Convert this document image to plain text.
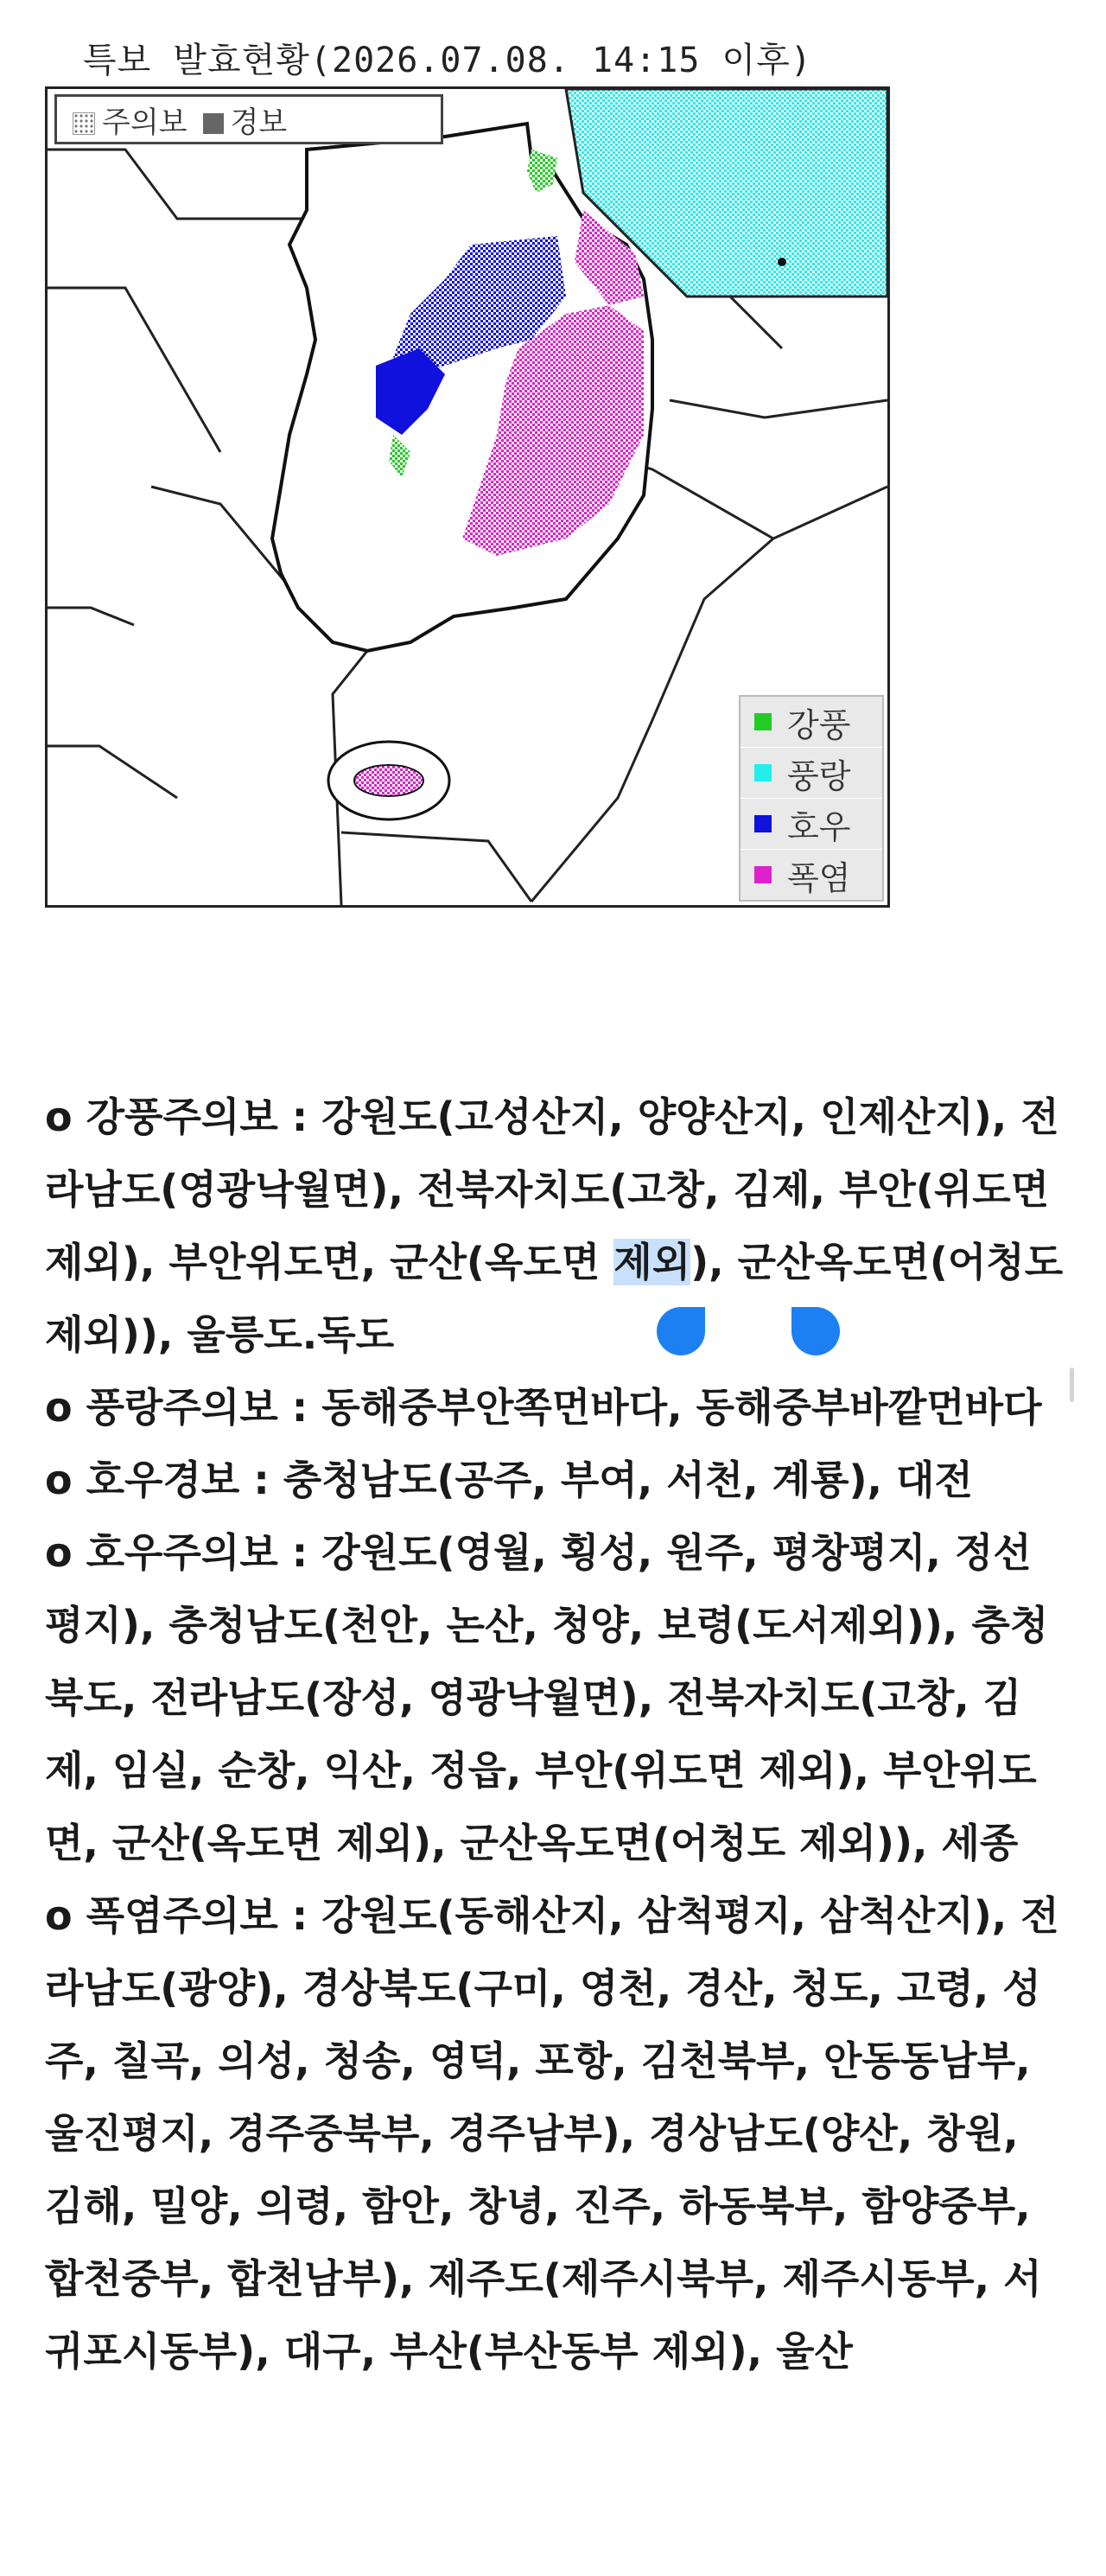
특보 발효현황(2026.07.08. 14:15 이후)
주의보	경보
강풍
풍랑
호우
폭염

o 강풍주의보 : 강원도(고성산지, 양양산지, 인제산지), 전라남도(영광낙월면), 전북자치도(고창, 김제, 부안(위도면 제외), 부안위도면, 군산(옥도면 제외), 군산옥도면(어청도 제외)), 울릉도.독도

o 풍랑주의보 : 동해중부안쪽먼바다, 동해중부바깥먼바다

o 호우경보 : 충청남도(공주, 부여, 서천, 계룡), 대전

o 호우주의보 : 강원도(영월, 횡성, 원주, 평창평지, 정선평지), 충청남도(천안, 논산, 청양, 보령(도서제외)), 충청북도, 전라남도(장성, 영광낙월면), 전북자치도(고창, 김제, 임실, 순창, 익산, 정읍, 부안(위도면 제외), 부안위도면, 군산(옥도면 제외), 군산옥도면(어청도 제외)), 세종

o 폭염주의보 : 강원도(동해산지, 삼척평지, 삼척산지), 전라남도(광양), 경상북도(구미, 영천, 경산, 청도, 고령, 성주, 칠곡, 의성, 청송, 영덕, 포항, 김천북부, 안동동남부, 울진평지, 경주중북부, 경주남부), 경상남도(양산, 창원, 김해, 밀양, 의령, 함안, 창녕, 진주, 하동북부, 함양중부, 합천중부, 합천남부), 제주도(제주시북부, 제주시동부, 서귀포시동부), 대구, 부산(부산동부 제외), 울산
